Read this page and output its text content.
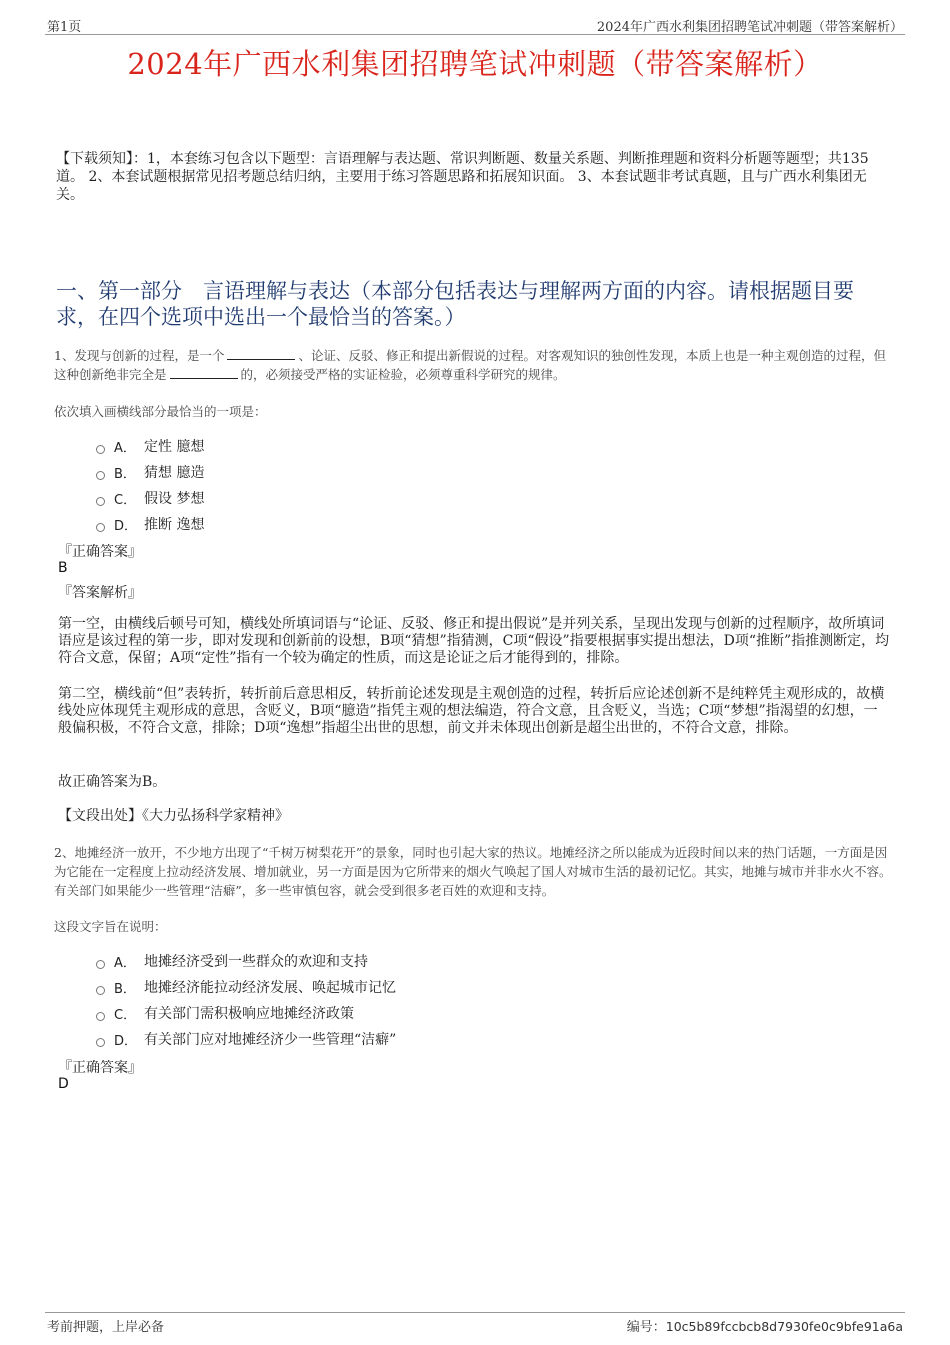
第1页	2024年广西水利集团招聘笔试冲刺题（带答案解析）
2024年广西水利集团招聘笔试冲刺题（带答案解析）
【下载须知】：1，本套练习包含以下题型：言语理解与表达题、常识判断题、数量关系题、判断推理题和资料分析题等题型；共135道。 2、本套试题根据常见招考题总结归纳，主要用于练习答题思路和拓展知识面。 3、本套试题非考试真题，且与广西水利集团无关。
一、第一部分　言语理解与表达（本部分包括表达与理解两方面的内容。请根据题目要求，在四个选项中选出一个最恰当的答案。）
1、发现与创新的过程，是一个	、论证、反驳、修正和提出新假说的过程。对客观知识的独创性发现，本质上也是一种主观创造的过程，但这种创新绝非完全是	的，必须接受严格的实证检验，必须尊重科学研究的规律。
依次填入画横线部分最恰当的一项是：
A． 定性 臆想
B． 猜想 臆造
C． 假设 梦想
D． 推断 逸想
『正确答案』
B
『答案解析』
第一空，由横线后顿号可知，横线处所填词语与“论证、反驳、修正和提出假说”是并列关系，呈现出发现与创新的过程顺序，故所填词语应是该过程的第一步，即对发现和创新前的设想，B项“猜想”指猜测，C项“假设”指要根据事实提出想法，D项“推断”指推测断定，均符合文意，保留；A项“定性”指有一个较为确定的性质，而这是论证之后才能得到的，排除。
第二空，横线前“但”表转折，转折前后意思相反，转折前论述发现是主观创造的过程，转折后应论述创新不是纯粹凭主观形成的，故横线处应体现凭主观形成的意思，含贬义，B项“臆造”指凭主观的想法编造，符合文意，且含贬义，当选；C项“梦想”指渴望的幻想，一般偏积极，不符合文意，排除；D项“逸想”指超尘出世的思想，前文并未体现出创新是超尘出世的，不符合文意，排除。
故正确答案为B。
【文段出处】《大力弘扬科学家精神》
2、地摊经济一放开，不少地方出现了“千树万树梨花开”的景象，同时也引起大家的热议。地摊经济之所以能成为近段时间以来的热门话题，一方面是因为它能在一定程度上拉动经济发展、增加就业，另一方面是因为它所带来的烟火气唤起了国人对城市生活的最初记忆。其实，地摊与城市并非水火不容。有关部门如果能少一些管理“洁癖”，多一些审慎包容，就会受到很多老百姓的欢迎和支持。
这段文字旨在说明：
A． 地摊经济受到一些群众的欢迎和支持
B． 地摊经济能拉动经济发展、唤起城市记忆
C． 有关部门需积极响应地摊经济政策
D． 有关部门应对地摊经济少一些管理“洁癖”
『正确答案』
D
考前押题，上岸必备	编号：10c5b89fccbcb8d7930fe0c9bfe91a6a
